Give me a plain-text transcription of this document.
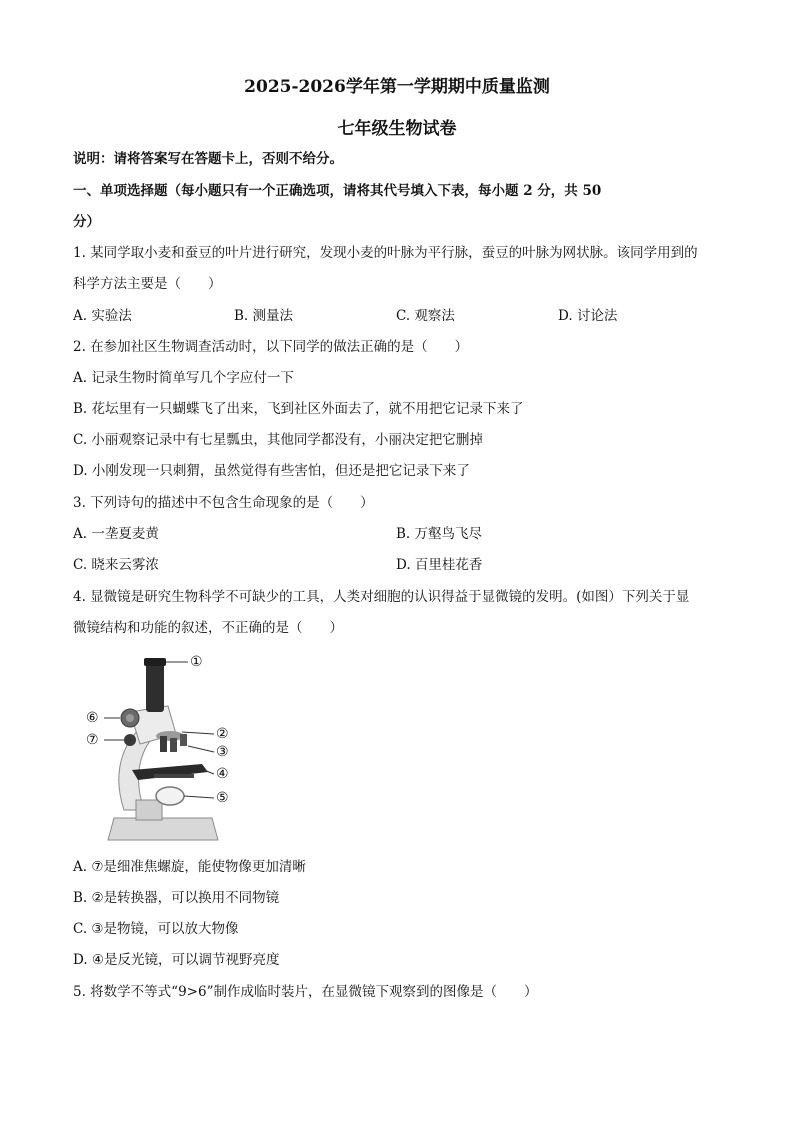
2025-2026学年第一学期期中质量监测
七年级生物试卷
说明：请将答案写在答题卡上，否则不给分。
一、单项选择题（每小题只有一个正确选项，请将其代号填入下表，每小题 2 分，共 50
分）
1. 某同学取小麦和蚕豆的叶片进行研究，发现小麦的叶脉为平行脉，蚕豆的叶脉为网状脉。该同学用到的
科学方法主要是（　　）
A. 实验法	B. 测量法	C. 观察法	D. 讨论法
2. 在参加社区生物调查活动时，以下同学的做法正确的是（　　）
A. 记录生物时简单写几个字应付一下
B. 花坛里有一只蝴蝶飞了出来，飞到社区外面去了，就不用把它记录下来了
C. 小丽观察记录中有七星瓢虫，其他同学都没有，小丽决定把它删掉
D. 小刚发现一只刺猬，虽然觉得有些害怕，但还是把它记录下来了
3. 下列诗句的描述中不包含生命现象的是（　　）
A. 一垄夏麦黄	B. 万壑鸟飞尽
C. 晓来云雾浓	D. 百里桂花香
4. 显微镜是研究生物科学不可缺少的工具，人类对细胞的认识得益于显微镜的发明。(如图）下列关于显
微镜结构和功能的叙述，不正确的是（　　）
①
②
③
④
⑤
⑥
⑦
A. ⑦是细准焦螺旋，能使物像更加清晰
B. ②是转换器，可以换用不同物镜
C. ③是物镜，可以放大物像
D. ④是反光镜，可以调节视野亮度
5. 将数学不等式“9>6”制作成临时装片，在显微镜下观察到的图像是（　　）
